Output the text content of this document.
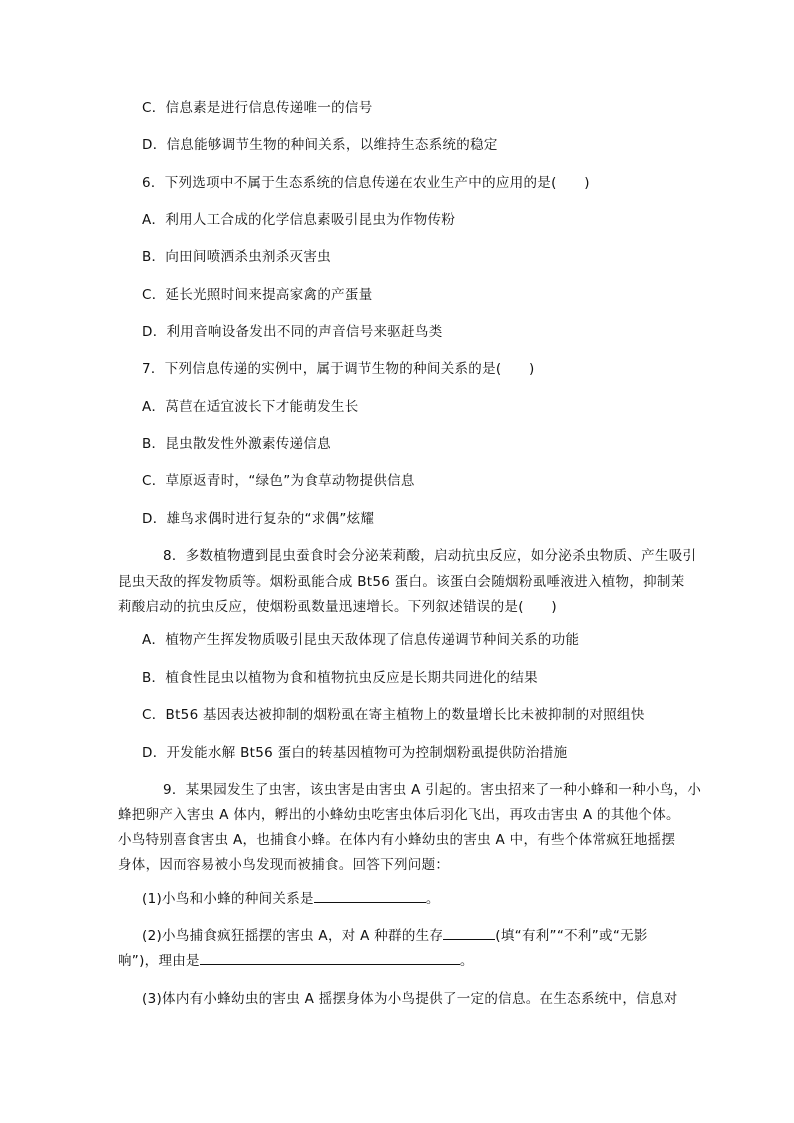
C．信息素是进行信息传递唯一的信号
D．信息能够调节生物的种间关系，以维持生态系统的稳定
6．下列选项中不属于生态系统的信息传递在农业生产中的应用的是(　　)
A．利用人工合成的化学信息素吸引昆虫为作物传粉
B．向田间喷洒杀虫剂杀灭害虫
C．延长光照时间来提高家禽的产蛋量
D．利用音响设备发出不同的声音信号来驱赶鸟类
7．下列信息传递的实例中，属于调节生物的种间关系的是(　　)
A．莴苣在适宜波长下才能萌发生长
B．昆虫散发性外激素传递信息
C．草原返青时，“绿色”为食草动物提供信息
D．雄鸟求偶时进行复杂的“求偶”炫耀
8．多数植物遭到昆虫蚕食时会分泌茉莉酸，启动抗虫反应，如分泌杀虫物质、产生吸引
昆虫天敌的挥发物质等。烟粉虱能合成 Bt56 蛋白。该蛋白会随烟粉虱唾液进入植物，抑制茉
莉酸启动的抗虫反应，使烟粉虱数量迅速增长。下列叙述错误的是(　　)
A．植物产生挥发物质吸引昆虫天敌体现了信息传递调节种间关系的功能
B．植食性昆虫以植物为食和植物抗虫反应是长期共同进化的结果
C．Bt56 基因表达被抑制的烟粉虱在寄主植物上的数量增长比未被抑制的对照组快
D．开发能水解 Bt56 蛋白的转基因植物可为控制烟粉虱提供防治措施
9．某果园发生了虫害，该虫害是由害虫 A 引起的。害虫招来了一种小蜂和一种小鸟，小
蜂把卵产入害虫 A 体内，孵出的小蜂幼虫吃害虫体后羽化飞出，再攻击害虫 A 的其他个体。
小鸟特别喜食害虫 A，也捕食小蜂。在体内有小蜂幼虫的害虫 A 中，有些个体常疯狂地摇摆
身体，因而容易被小鸟发现而被捕食。回答下列问题：
(1)小鸟和小蜂的种间关系是	。
(2)小鸟捕食疯狂摇摆的害虫 A，对 A 种群的生存	(填“有利”“不利”或“无影
响”)，理由是	。
(3)体内有小蜂幼虫的害虫 A 摇摆身体为小鸟提供了一定的信息。在生态系统中，信息对
